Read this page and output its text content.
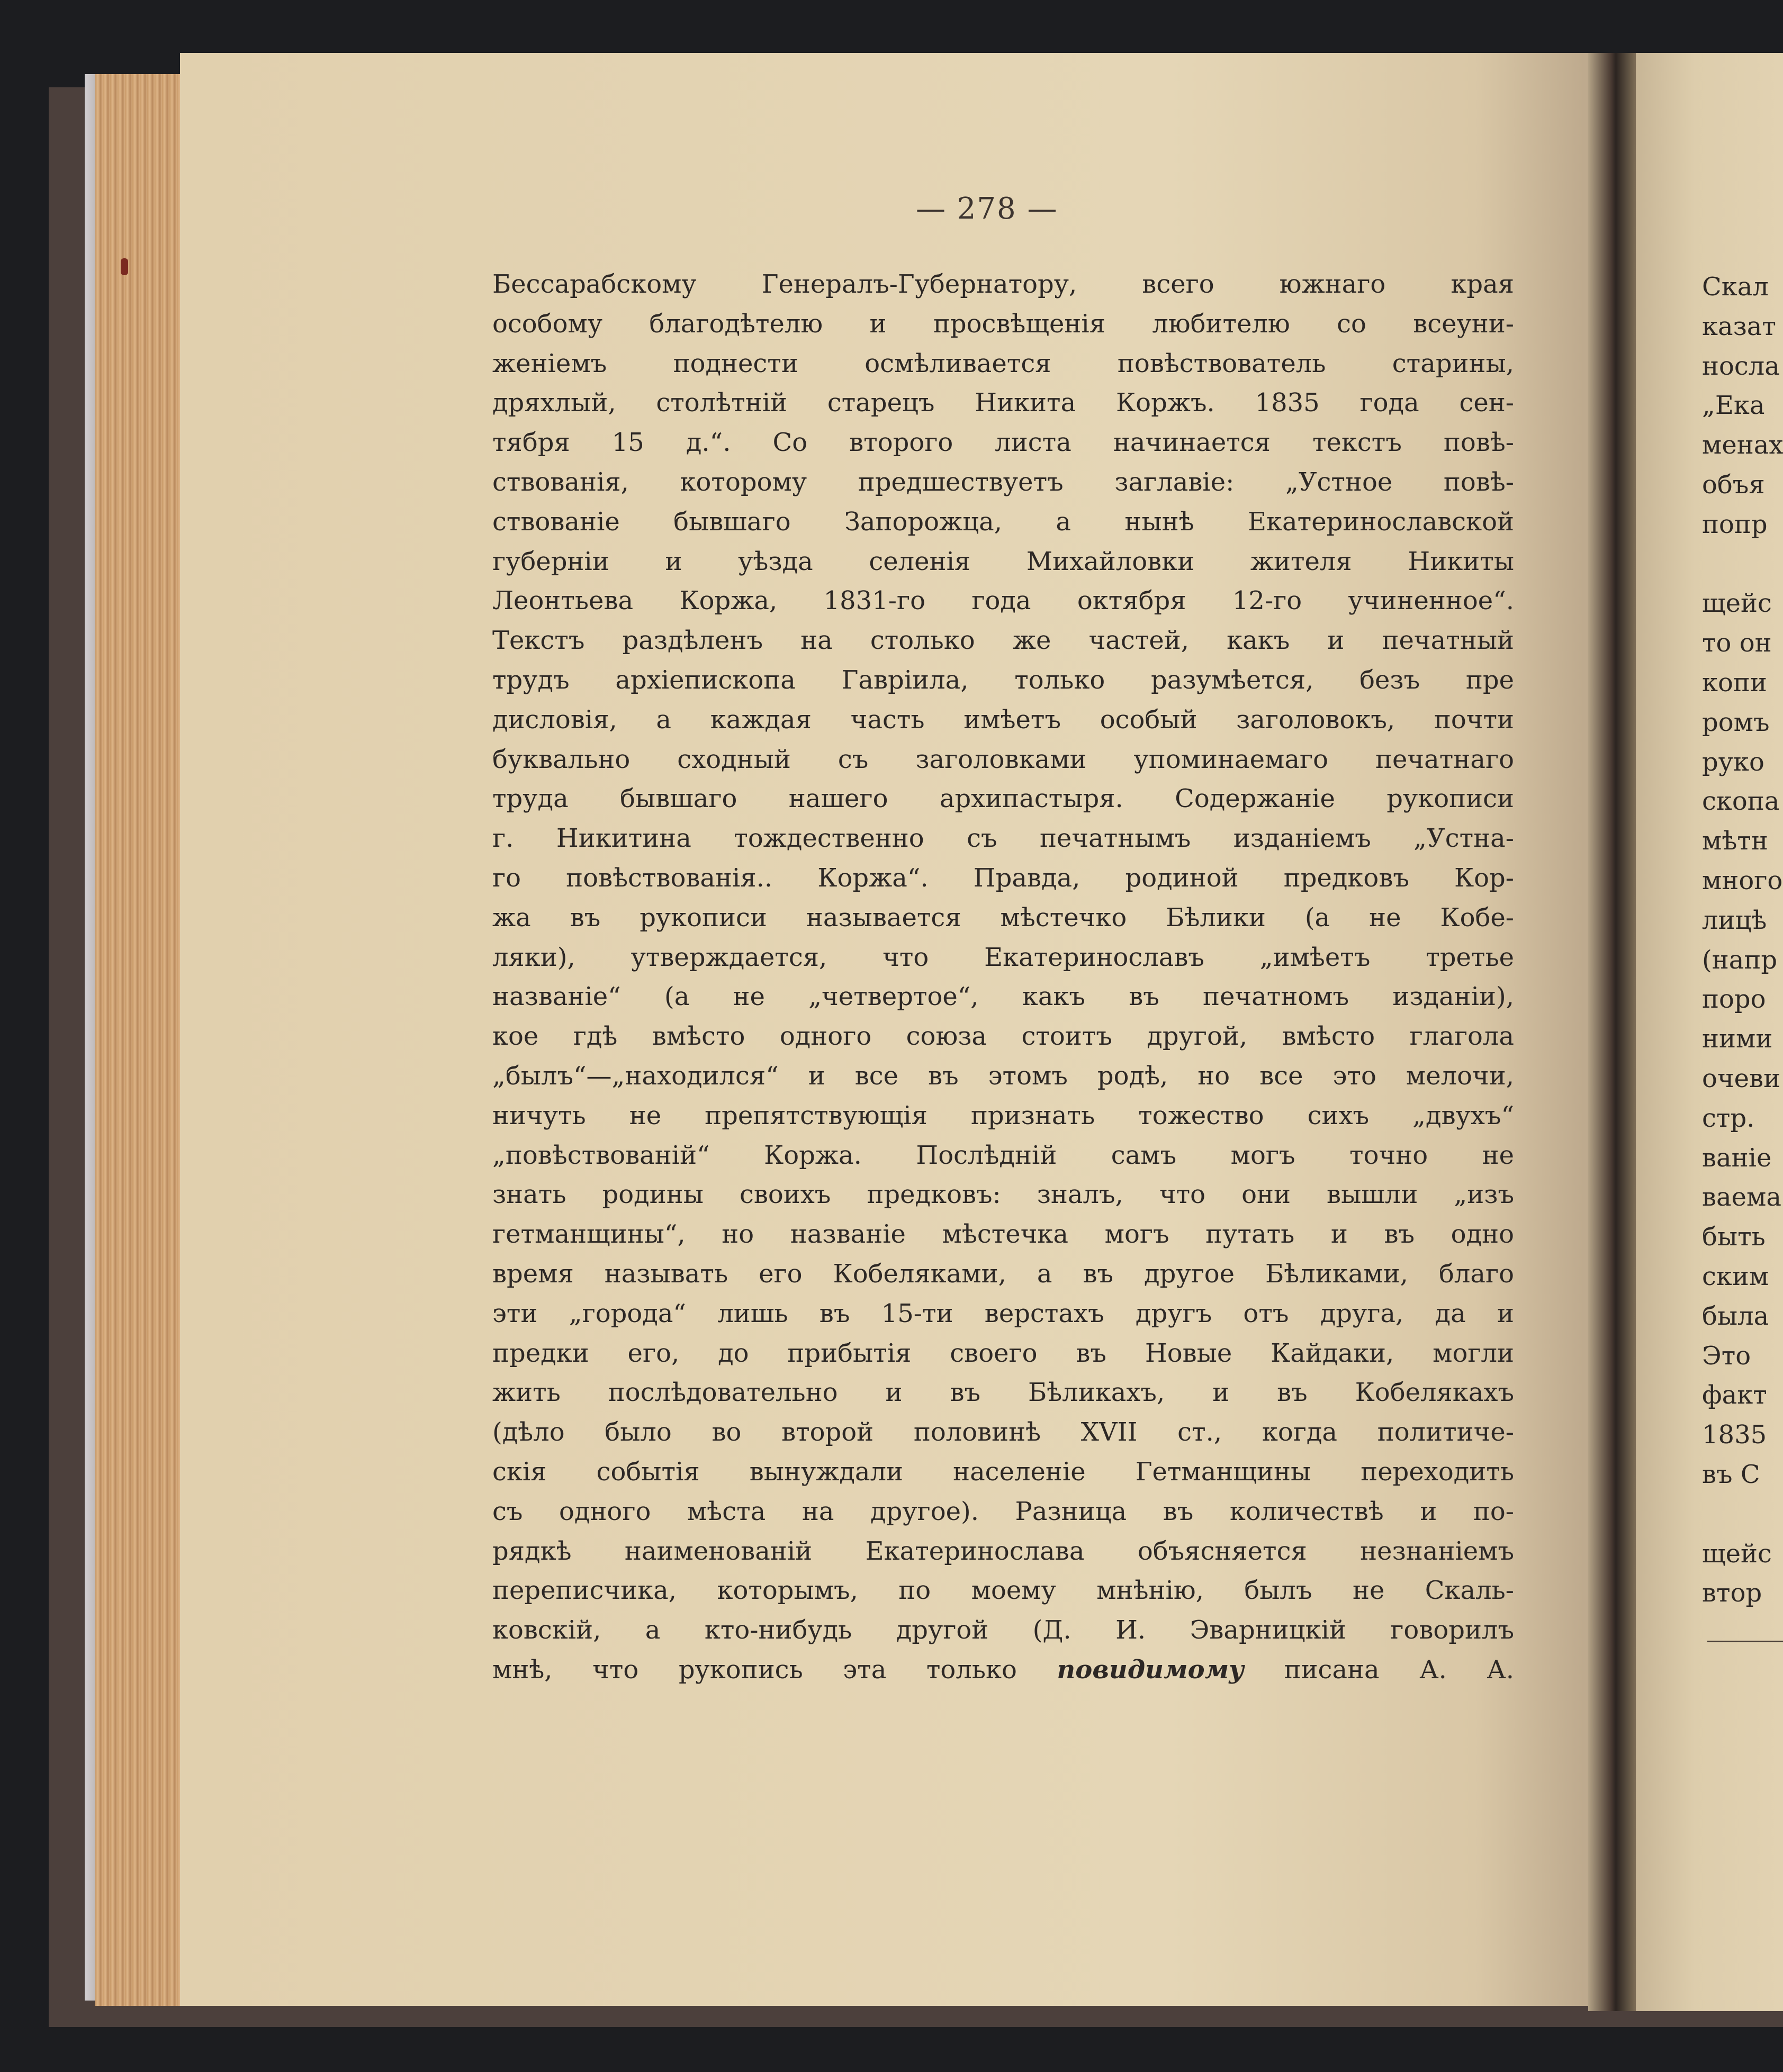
— 278 —
Бессарабскому Генералъ-Губернатору, всего южнаго края
особому благодѣтелю и просвѣщенія любителю со всеуни-
женіемъ поднести осмѣливается повѣствователь старины,
дряхлый, столѣтній старецъ Никита Коржъ. 1835 года сен-
тября 15 д.“. Со второго листа начинается текстъ повѣ-
ствованія, которому предшествуетъ заглавіе: „Устное повѣ-
ствованіе бывшаго Запорожца, а нынѣ Екатеринославской
губерніи и уѣзда селенія Михайловки жителя Никиты
Леонтьева Коржа, 1831-го года октября 12-го учиненное“.
Текстъ раздѣленъ на столько же частей, какъ и печатный
трудъ архіепископа Гавріила, только разумѣется, безъ пре
дисловія, а каждая часть имѣетъ особый заголовокъ, почти
буквально сходный съ заголовками упоминаемаго печатнаго
труда бывшаго нашего архипастыря. Содержаніе рукописи
г. Никитина тождественно съ печатнымъ изданіемъ „Устна-
го повѣствованія.. Коржа“. Правда, родиной предковъ Кор-
жа въ рукописи называется мѣстечко Бѣлики (а не Кобе-
ляки), утверждается, что Екатеринославъ „имѣетъ третье
названіе“ (а не „четвертое“, какъ въ печатномъ изданіи),
кое гдѣ вмѣсто одного союза стоитъ другой, вмѣсто глагола
„былъ“—„находился“ и все въ этомъ родѣ, но все это мелочи,
ничуть не препятствующія признать тожество сихъ „двухъ“
„повѣствованій“ Коржа. Послѣдній самъ могъ точно не
знать родины своихъ предковъ: зналъ, что они вышли „изъ
гетманщины“, но названіе мѣстечка могъ путать и въ одно
время называть его Кобеляками, а въ другое Бѣликами, благо
эти „города“ лишь въ 15-ти верстахъ другъ отъ друга, да и
предки его, до прибытія своего въ Новые Кайдаки, могли
жить послѣдовательно и въ Бѣликахъ, и въ Кобелякахъ
(дѣло было во второй половинѣ XVII ст., когда политиче-
скія событія вынуждали населеніе Гетманщины переходить
съ одного мѣста на другое). Разница въ количествѣ и по-
рядкѣ наименованій Екатеринослава объясняется незнаніемъ
переписчика, которымъ, по моему мнѣнію, былъ не Скаль-
ковскій, а кто-нибудь другой (Д. И. Эварницкій говорилъ
мнѣ, что рукопись эта только повидимому писана А. А.
Скал
казат
носла
„Ека
менах
объя
попр
щейс
то он
копи
ромъ
руко
скопа
мѣтн
много
лицѣ
(напр
поро
ними
очеви
стр.
ваніе
ваема
быть
ским
была
Это
факт
1835
въ С
щейс
втор
